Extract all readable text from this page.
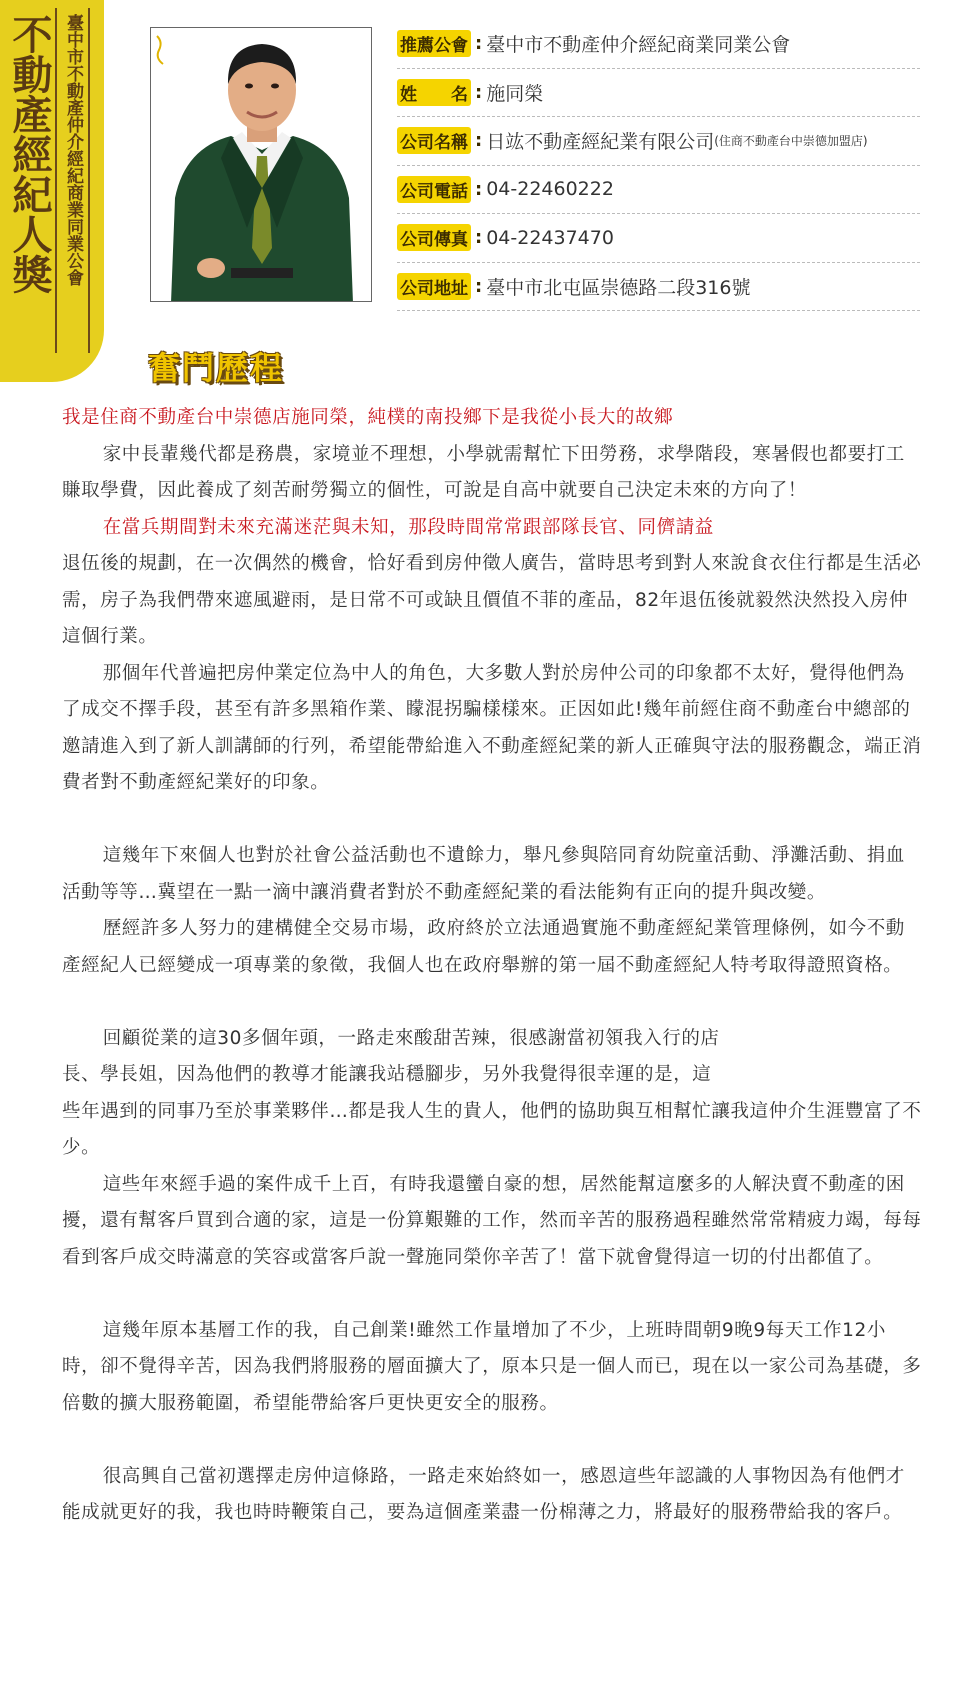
不動產經紀人獎 臺中市不動產仲介經紀商業同業公會	推薦公會 : 臺中市不動產仲介經紀商業同業公會
姓　　名 : 施同榮
公司名稱 : 日竑不動產經紀業有限公司 (住商不動產台中崇德加盟店)
公司電話 : 04-22460222
公司傳真 : 04-22437470
公司地址 : 臺中市北屯區崇德路二段316號
奮鬥歷程

我是住商不動產台中崇德店施同榮，純樸的南投鄉下是我從小長大的故鄉

家中長輩幾代都是務農，家境並不理想，小學就需幫忙下田勞務，求學階段，寒暑假也都要打工賺取學費，因此養成了刻苦耐勞獨立的個性，可說是自高中就要自己決定未來的方向了！

在當兵期間對未來充滿迷茫與未知，那段時間常常跟部隊長官、同儕請益

退伍後的規劃，在一次偶然的機會，恰好看到房仲徵人廣告，當時思考到對人來說食衣住行都是生活必需，房子為我們帶來遮風避雨，是日常不可或缺且價值不菲的產品，82年退伍後就毅然決然投入房仲這個行業。

那個年代普遍把房仲業定位為中人的角色，大多數人對於房仲公司的印象都不太好，覺得他們為了成交不擇手段，甚至有許多黑箱作業、矇混拐騙樣樣來。正因如此!幾年前經住商不動產台中總部的邀請進入到了新人訓講師的行列，希望能帶給進入不動產經紀業的新人正確與守法的服務觀念，端正消費者對不動產經紀業好的印象。

這幾年下來個人也對於社會公益活動也不遺餘力，舉凡參與陪同育幼院童活動、淨灘活動、捐血活動等等…冀望在一點一滴中讓消費者對於不動產經紀業的看法能夠有正向的提升與改變。

歷經許多人努力的建構健全交易市場，政府終於立法通過實施不動產經紀業管理條例，如今不動產經紀人已經變成一項專業的象徵，我個人也在政府舉辦的第一屆不動產經紀人特考取得證照資格。

回顧從業的這30多個年頭，一路走來酸甜苦辣，很感謝當初領我入行的店

長、學長姐，因為他們的教導才能讓我站穩腳步，另外我覺得很幸運的是，這

些年遇到的同事乃至於事業夥伴…都是我人生的貴人，他們的協助與互相幫忙讓我這仲介生涯豐富了不少。

這些年來經手過的案件成千上百，有時我還蠻自豪的想，居然能幫這麼多的人解決賣不動產的困擾，還有幫客戶買到合適的家，這是一份算艱難的工作，然而辛苦的服務過程雖然常常精疲力竭，每每看到客戶成交時滿意的笑容或當客戶說一聲施同榮你辛苦了！當下就會覺得這一切的付出都值了。

這幾年原本基層工作的我，自己創業!雖然工作量增加了不少，上班時間朝9晚9每天工作12小時，卻不覺得辛苦，因為我們將服務的層面擴大了，原本只是一個人而已，現在以一家公司為基礎，多倍數的擴大服務範圍，希望能帶給客戶更快更安全的服務。

很高興自己當初選擇走房仲這條路，一路走來始終如一，感恩這些年認識的人事物因為有他們才能成就更好的我，我也時時鞭策自己，要為這個產業盡一份棉薄之力，將最好的服務帶給我的客戶。
